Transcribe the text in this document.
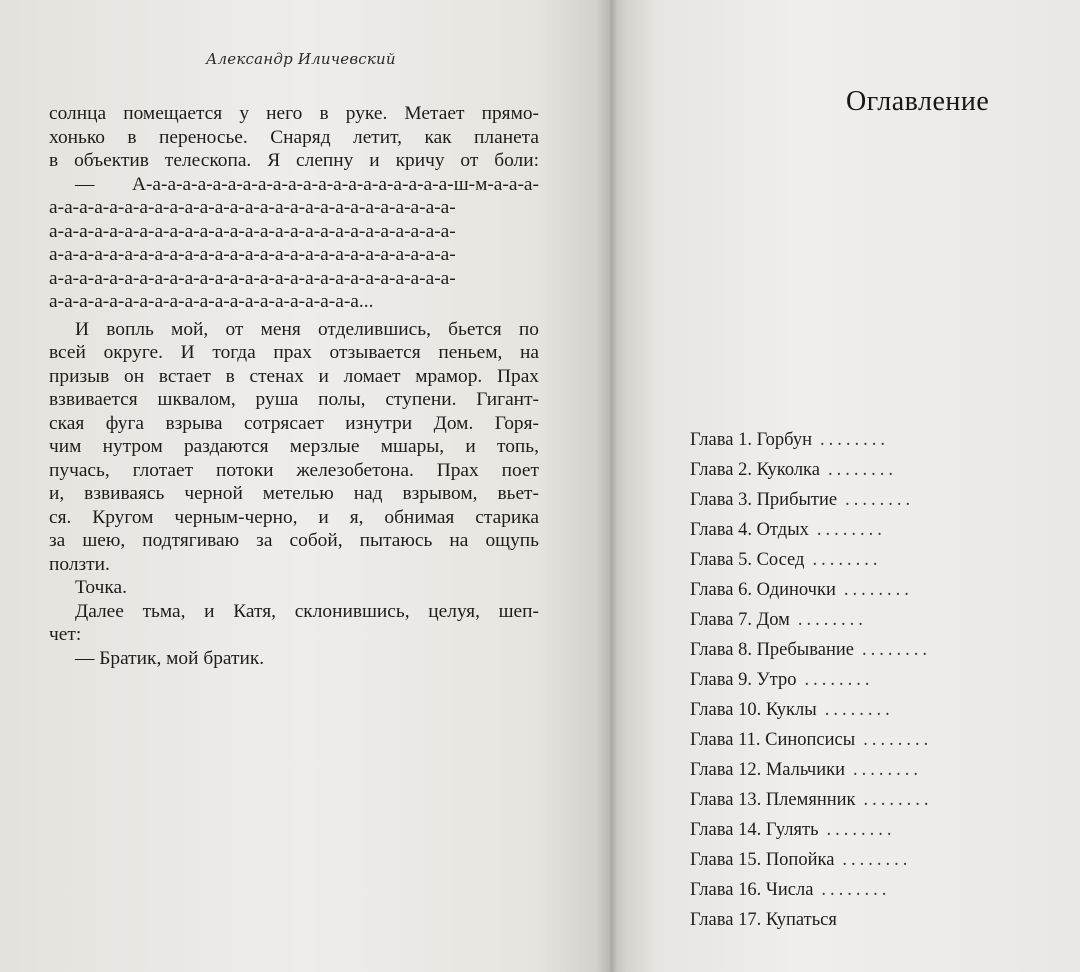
Александр Иличевский

солнца помещается у него в руке. Метает прямо-

хонько в переносье. Снаряд летит, как планета

в объектив телескопа. Я слепну и кричу от боли:

— А-а-а-а-а-а-а-а-а-а-а-а-а-а-а-а-а-а-а-а-а-ш-м-а-а-а-

а-а-а-а-а-а-а-а-а-а-а-а-а-а-а-а-а-а-а-а-а-а-а-а-а-а-а-

а-а-а-а-а-а-а-а-а-а-а-а-а-а-а-а-а-а-а-а-а-а-а-а-а-а-а-

а-а-а-а-а-а-а-а-а-а-а-а-а-а-а-а-а-а-а-а-а-а-а-а-а-а-а-

а-а-а-а-а-а-а-а-а-а-а-а-а-а-а-а-а-а-а-а-а-а-а-а-а-а-а-

а-а-а-а-а-а-а-а-а-а-а-а-а-а-а-а-а-а-а-а-а...

И вопль мой, от меня отделившись, бьется по

всей округе. И тогда прах отзывается пеньем, на

призыв он встает в стенах и ломает мрамор. Прах

взвивается шквалом, руша полы, ступени. Гигант-

ская фуга взрыва сотрясает изнутри Дом. Горя-

чим нутром раздаются мерзлые мшары, и топь,

пучась, глотает потоки железобетона. Прах поет

и, взвиваясь черной метелью над взрывом, вьет-

ся. Кругом черным-черно, и я, обнимая старика

за шею, подтягиваю за собой, пытаюсь на ощупь

ползти.

Точка.

Далее тьма, и Катя, склонившись, целуя, шеп-

чет:

— Братик, мой братик.

Оглавление
Глава 1. Горбун ........
Глава 2. Куколка ........
Глава 3. Прибытие ........
Глава 4. Отдых ........
Глава 5. Сосед ........
Глава 6. Одиночки ........
Глава 7. Дом ........
Глава 8. Пребывание ........
Глава 9. Утро ........
Глава 10. Куклы ........
Глава 11. Синопсисы ........
Глава 12. Мальчики ........
Глава 13. Племянник ........
Глава 14. Гулять ........
Глава 15. Попойка ........
Глава 16. Числа ........
Глава 17. Купаться
